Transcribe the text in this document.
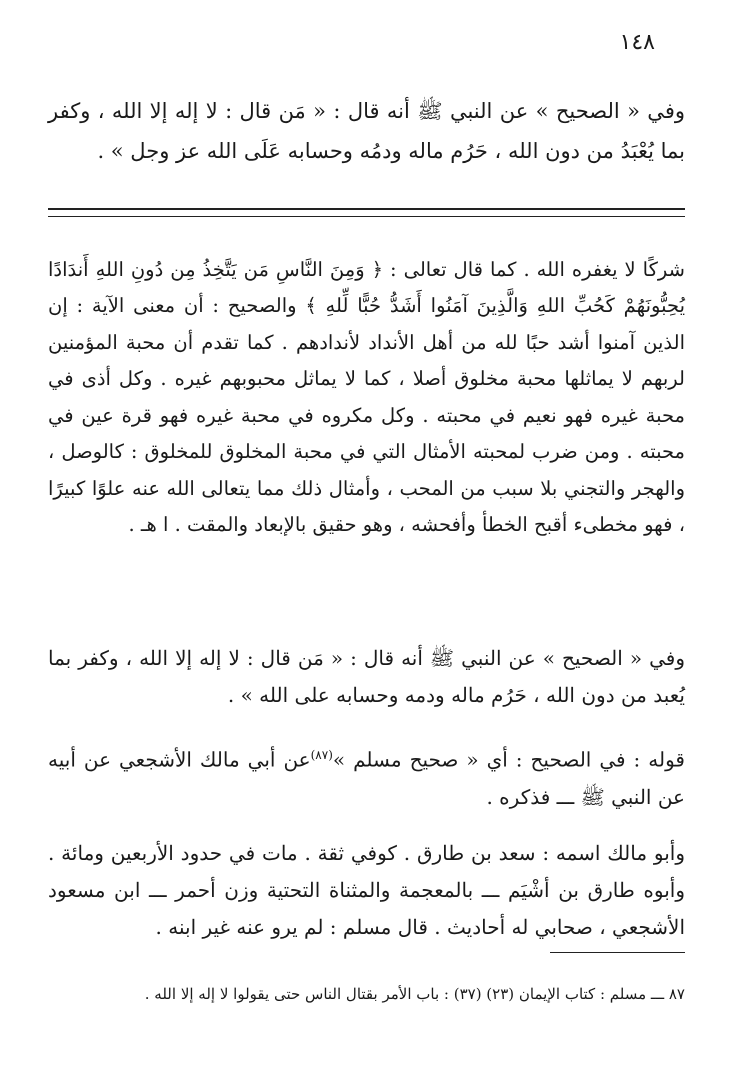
١٤٨

وفي « الصحيح » عن النبي ﷺ أنه قال : « مَن قال : لا إله إلا الله ، وكفر بما يُعْبَدُ من دون الله ، حَرُم ماله ودمُه وحسابه عَلَى الله عز وجل » .

شركًا لا يغفره الله . كما قال تعالى : ﴿ وَمِنَ النَّاسِ مَن يَتَّخِذُ مِن دُونِ اللهِ أَندَادًا يُحِبُّونَهُمْ كَحُبِّ اللهِ وَالَّذِينَ آمَنُوا أَشَدُّ حُبًّا لِّلهِ ﴾ والصحيح : أن معنى الآية : إن الذين آمنوا أشد حبًا لله من أهل الأنداد لأندادهم . كما تقدم أن محبة المؤمنين لربهم لا يماثلها محبة مخلوق أصلا ، كما لا يماثل محبوبهم غيره . وكل أذى في محبة غيره فهو نعيم في محبته . وكل مكروه في محبة غيره فهو قرة عين في محبته . ومن ضرب لمحبته الأمثال التي في محبة المخلوق للمخلوق : كالوصل ، والهجر والتجني بلا سبب من المحب ، وأمثال ذلك مما يتعالى الله عنه علوًا كبيرًا ، فهو مخطىء أقبح الخطأ وأفحشه ، وهو حقيق بالإبعاد والمقت . ا هـ .

وفي « الصحيح » عن النبي ﷺ أنه قال : « مَن قال : لا إله إلا الله ، وكفر بما يُعبد من دون الله ، حَرُم ماله ودمه وحسابه على الله » .

قوله : في الصحيح : أي « صحيح مسلم »$^{(٨٧)}$عن أبي مالك الأشجعي عن أبيه عن النبي ﷺ ـــ فذكره .

وأبو مالك اسمه : سعد بن طارق . كوفي ثقة . مات في حدود الأربعين ومائة . وأبوه طارق بن أشْيَم ـــ بالمعجمة والمثناة التحتية وزن أحمر ـــ ابن مسعود الأشجعي ، صحابي له أحاديث . قال مسلم : لم يرو عنه غير ابنه .

٨٧ ـــ مسلم : كتاب الإيمان (٢٣) (٣٧) : باب الأمر بقتال الناس حتى يقولوا لا إله إلا الله .
